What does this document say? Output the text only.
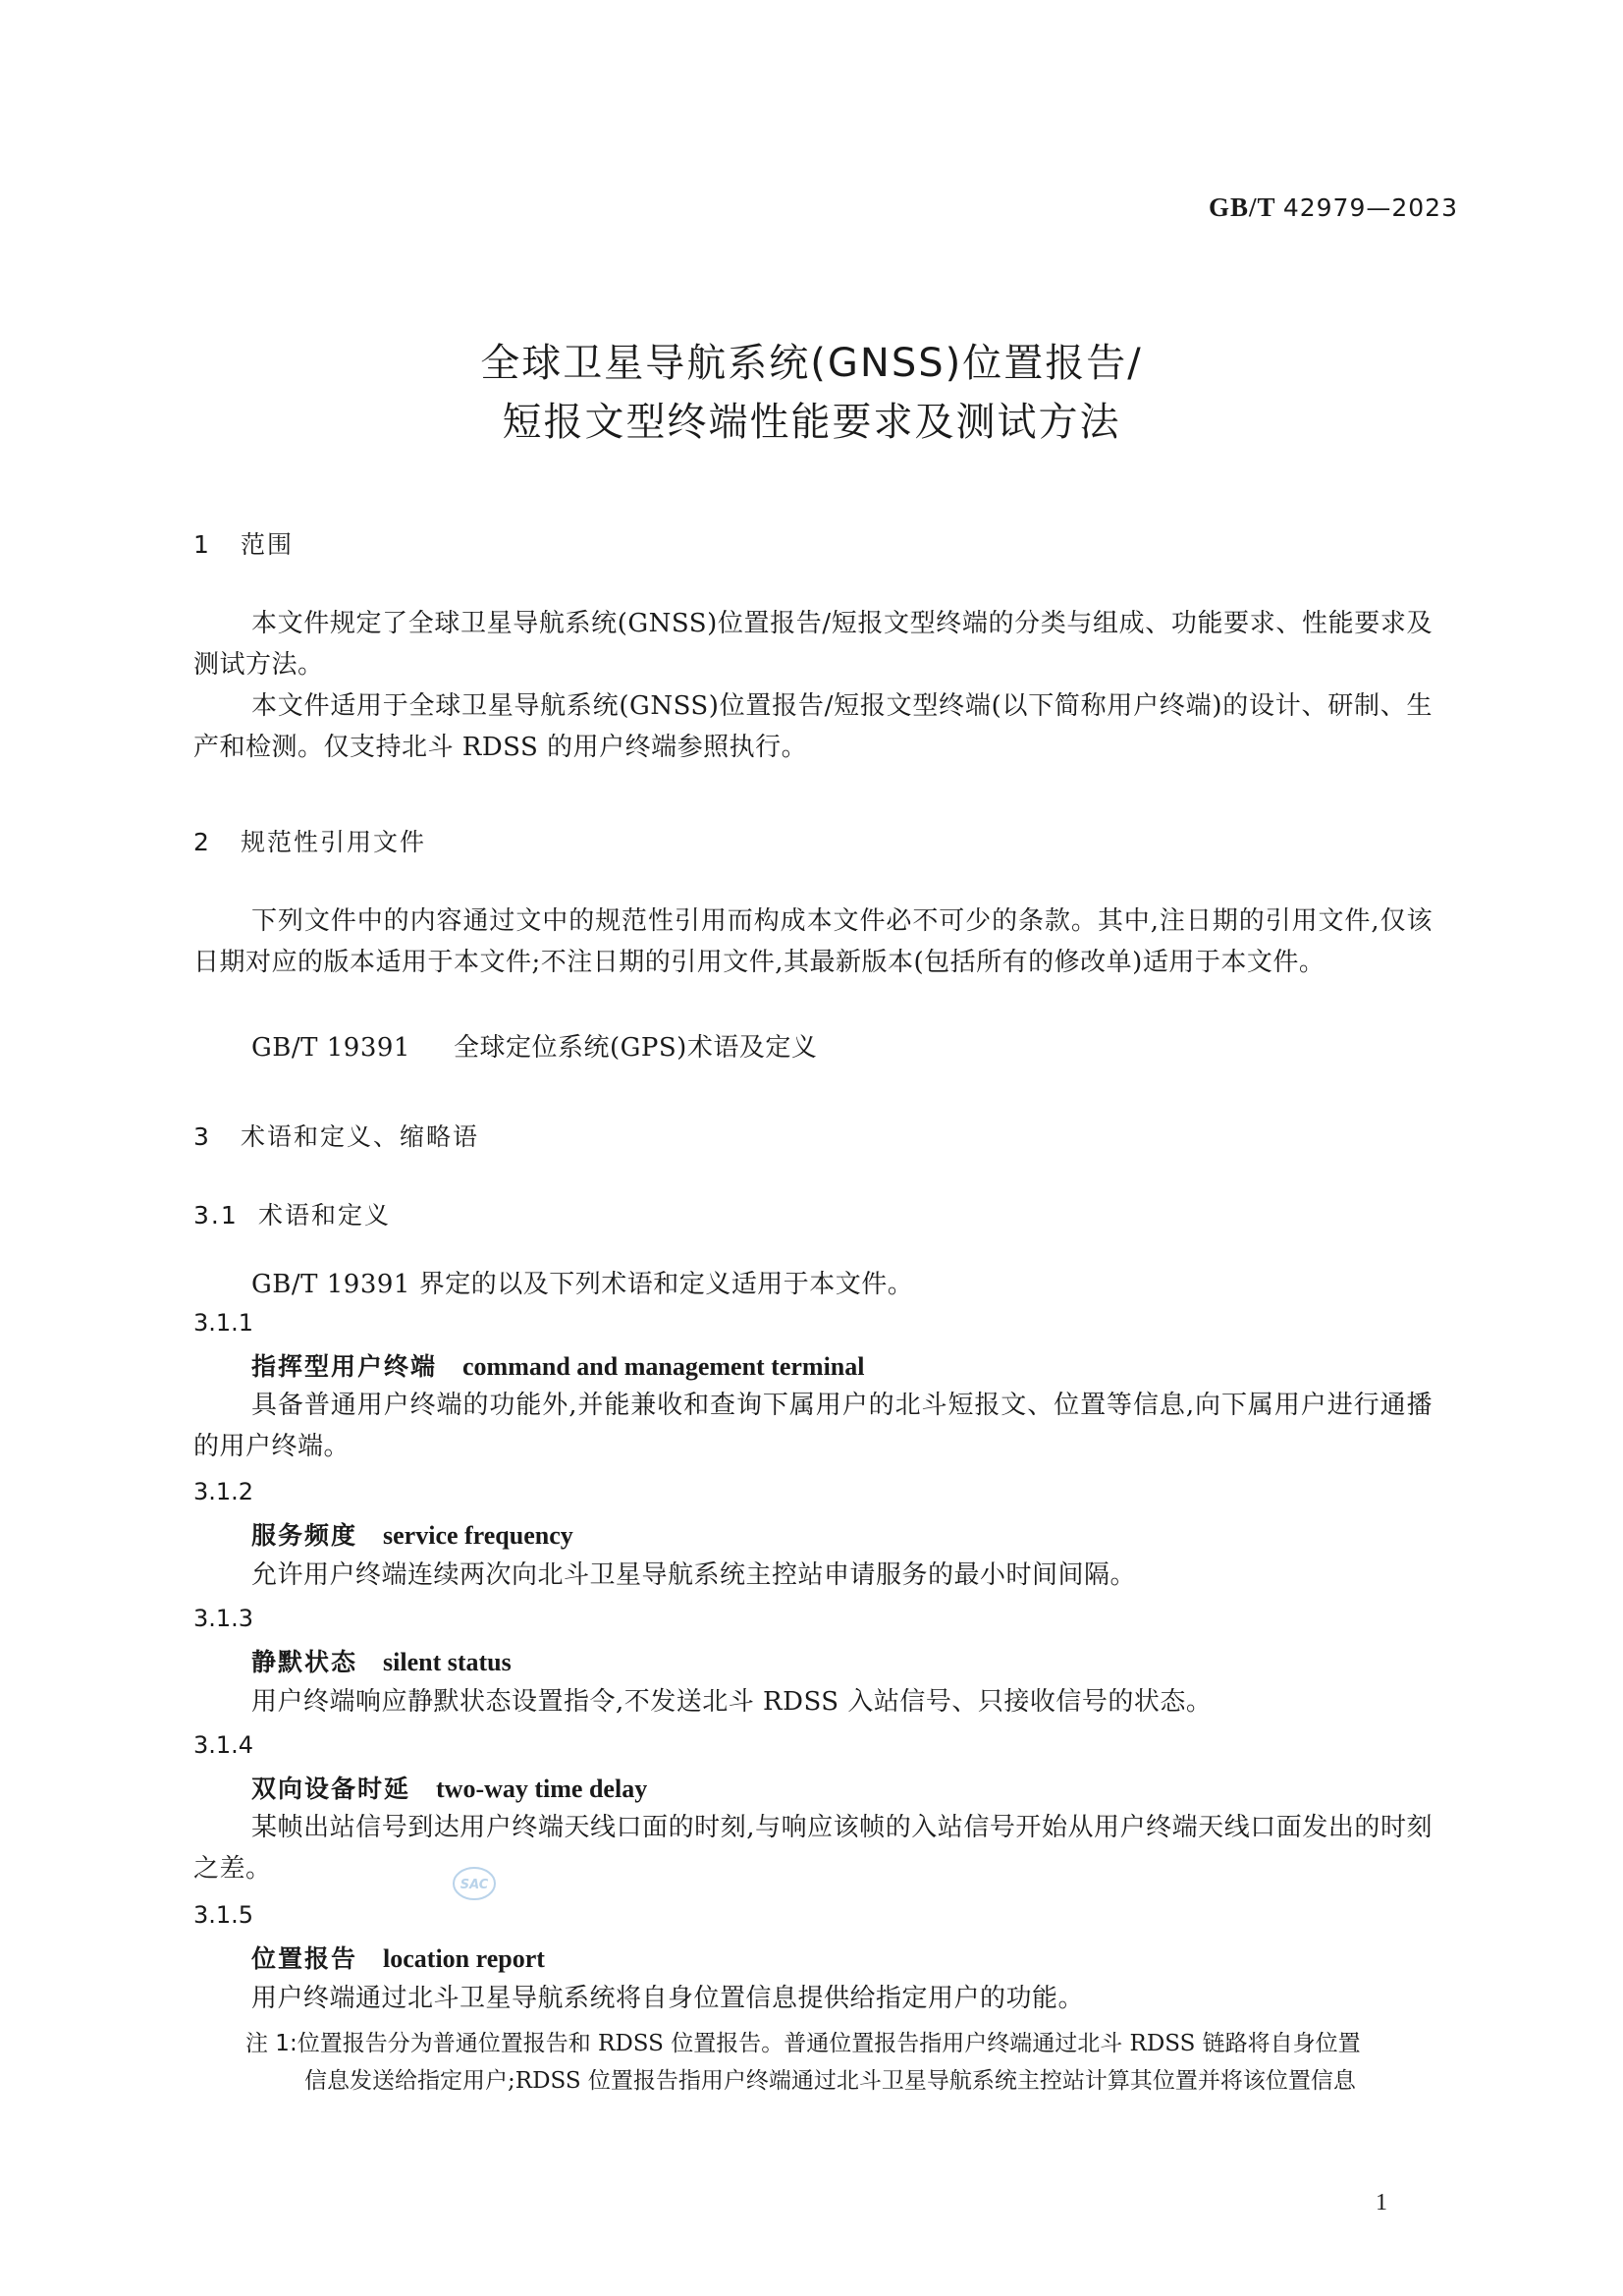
GB/T 42979—2023
全球卫星导航系统(GNSS)位置报告/
短报文型终端性能要求及测试方法
1 范围
本文件规定了全球卫星导航系统(GNSS)位置报告/短报文型终端的分类与组成、功能要求、性能要求及测试方法。
本文件适用于全球卫星导航系统(GNSS)位置报告/短报文型终端(以下简称用户终端)的设计、研制、生产和检测。仅支持北斗 RDSS 的用户终端参照执行。
2 规范性引用文件
下列文件中的内容通过文中的规范性引用而构成本文件必不可少的条款。其中,注日期的引用文件,仅该日期对应的版本适用于本文件;不注日期的引用文件,其最新版本(包括所有的修改单)适用于本文件。
GB/T 19391 全球定位系统(GPS)术语及定义
3 术语和定义、缩略语
3.1 术语和定义
GB/T 19391 界定的以及下列术语和定义适用于本文件。
3.1.1
指挥型用户终端 command and management terminal
具备普通用户终端的功能外,并能兼收和查询下属用户的北斗短报文、位置等信息,向下属用户进行通播的用户终端。
3.1.2
服务频度 service frequency
允许用户终端连续两次向北斗卫星导航系统主控站申请服务的最小时间间隔。
3.1.3
静默状态 silent status
用户终端响应静默状态设置指令,不发送北斗 RDSS 入站信号、只接收信号的状态。
3.1.4
双向设备时延 two-way time delay
某帧出站信号到达用户终端天线口面的时刻,与响应该帧的入站信号开始从用户终端天线口面发出的时刻之差。
SAC
3.1.5
位置报告 location report
用户终端通过北斗卫星导航系统将自身位置信息提供给指定用户的功能。
注 1:位置报告分为普通位置报告和 RDSS 位置报告。普通位置报告指用户终端通过北斗 RDSS 链路将自身位置
信息发送给指定用户;RDSS 位置报告指用户终端通过北斗卫星导航系统主控站计算其位置并将该位置信息
1
